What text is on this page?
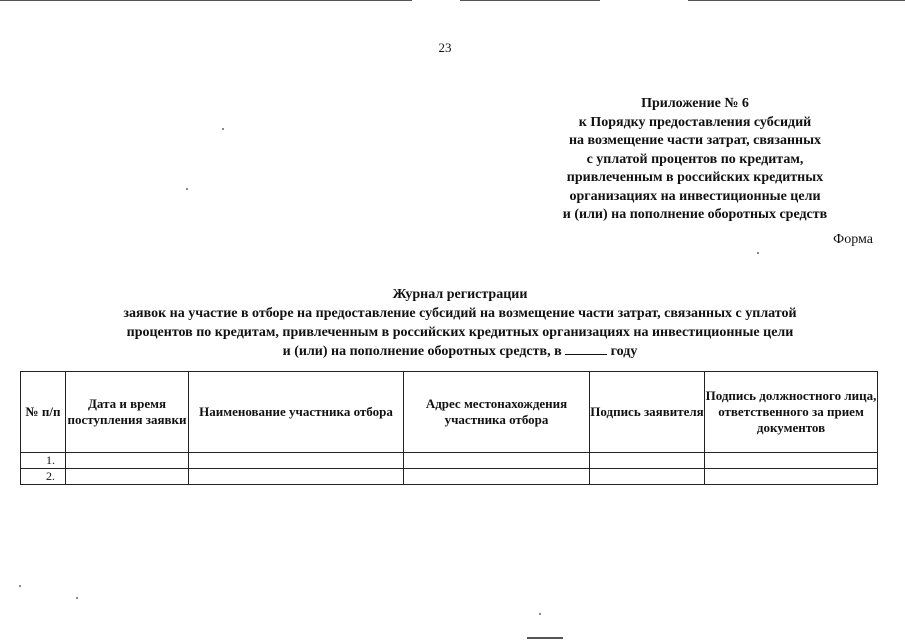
23
Приложение № 6
к Порядку предоставления субсидий
на возмещение части затрат, связанных
с уплатой процентов по кредитам,
привлеченным в российских кредитных
организациях на инвестиционные цели
и (или) на пополнение оборотных средств
Форма
Журнал регистрации
заявок на участие в отборе на предоставление субсидий на возмещение части затрат, связанных с уплатой
процентов по кредитам, привлеченным в российских кредитных организациях на инвестиционные цели
и (или) на пополнение оборотных средств, в	году
№ п/п	Дата и время поступления заявки	Наименование участника отбора	Адрес местонахождения участника отбора	Подпись заявителя	Подпись должностного лица, ответственного за прием документов
1.					
2.					
